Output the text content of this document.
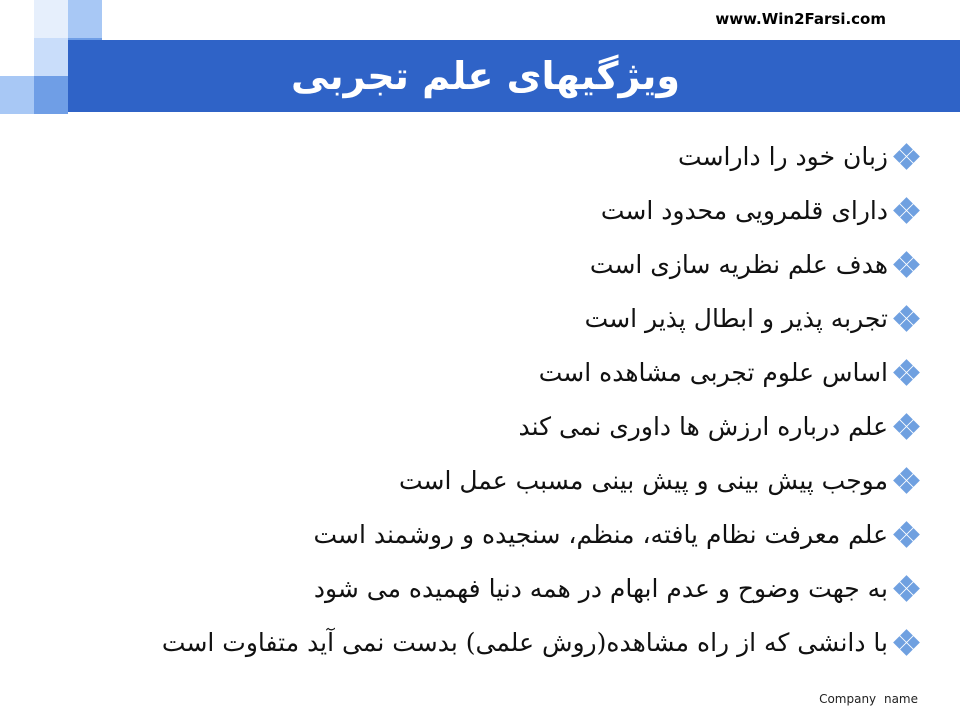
www.Win2Farsi.com
ویژگیهای علم تجربی
زبان خود را داراست
دارای قلمرویی محدود است
هدف علم نظریه سازی است
تجربه پذیر و ابطال پذیر است
اساس علوم تجربی مشاهده است
علم درباره ارزش ها داوری نمی کند
موجب پیش بینی و پیش بینی مسبب عمل است
علم معرفت نظام یافته، منظم، سنجیده و روشمند است
به جهت وضوح و عدم ابهام در همه دنیا فهمیده می شود
با دانشی که از راه مشاهده(روش علمی) بدست نمی آید متفاوت است
Company name
